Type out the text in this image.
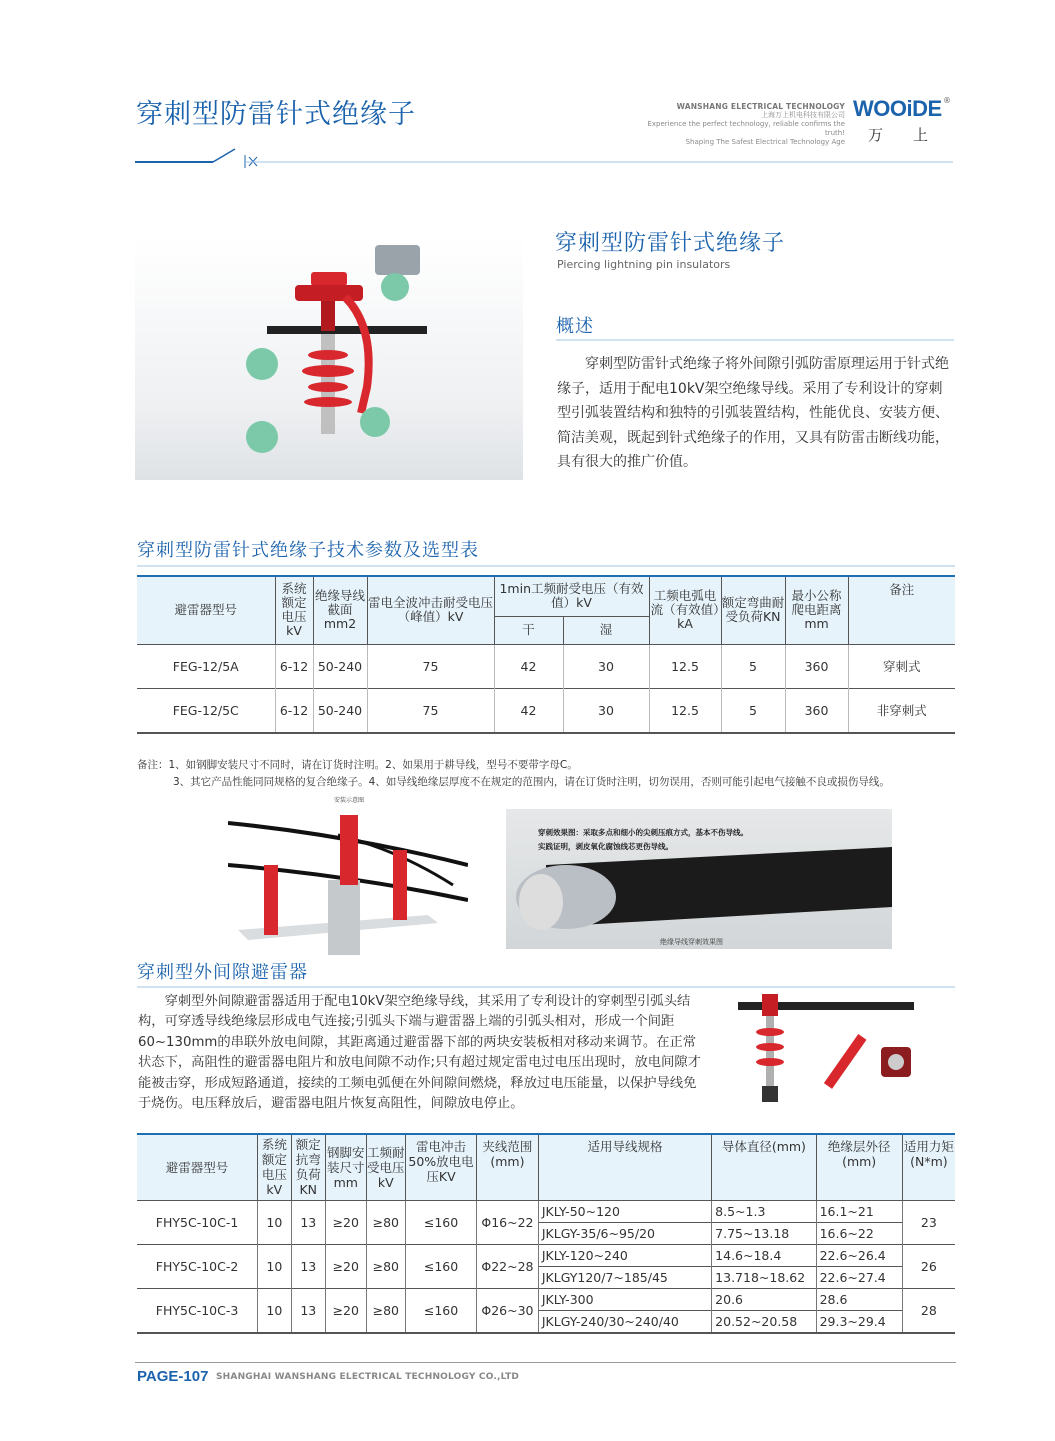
穿刺型防雷针式绝缘子	WANSHANG ELECTRICAL TECHNOLOGY
上海万上机电科技有限公司
Experience the perfect technology, reliable confirms the truth!
Shaping The Safest Electrical Technology Age
WOOiDE ®
万上
穿刺型防雷针式绝缘子
Piercing lightning pin insulators
概述
穿刺型防雷针式绝缘子将外间隙引弧防雷原理运用于针式绝缘子，适用于配电10kV架空绝缘导线。采用了专利设计的穿刺型引弧装置结构和独特的引弧装置结构，性能优良、安装方便、简洁美观，既起到针式绝缘子的作用，又具有防雷击断线功能，具有很大的推广价值。
穿刺型防雷针式绝缘子技术参数及选型表
避雷器型号	系统额定电压kV	绝缘导线截面mm2	雷电全波冲击耐受电压（峰值）kV	1min工频耐受电压（有效值）kV		工频电弧电流（有效值）kA	额定弯曲耐受负荷KN	最小公称爬电距离mm	备注
				干	湿				
FEG-12/5A	6-12	50-240	75	42	30	12.5	5	360	穿刺式
FEG-12/5C	6-12	50-240	75	42	30	12.5	5	360	非穿刺式
备注：1、如钢脚安装尺寸不同时，请在订货时注明。2、如果用于耕导线，型号不要带字母C。
3、其它产品性能同同规格的复合绝缘子。4、如导线绝缘层厚度不在规定的范围内，请在订货时注明，切勿误用，否则可能引起电气接触不良或损伤导线。
安装示意图
穿刺效果图：采取多点和细小的尖刺压痕方式，基本不伤导线。
实践证明，剥皮氧化腐蚀线芯更伤导线。
绝缘导线穿刺效果图
穿刺型外间隙避雷器
穿刺型外间隙避雷器适用于配电10kV架空绝缘导线，其采用了专利设计的穿刺型引弧头结构，可穿透导线绝缘层形成电气连接;引弧头下端与避雷器上端的引弧头相对，形成一个间距60~130mm的串联外放电间隙，其距离通过避雷器下部的两块安装板相对移动来调节。在正常状态下，高阻性的避雷器电阻片和放电间隙不动作;只有超过规定雷电过电压出现时，放电间隙才能被击穿，形成短路通道，接续的工频电弧便在外间隙间燃烧，释放过电压能量，以保护导线免于烧伤。电压释放后，避雷器电阻片恢复高阻性，间隙放电停止。
避雷器型号	系统额定电压kV	额定抗弯负荷KN	钢脚安装尺寸mm	工频耐受电压kV	雷电冲击50%放电电压KV	夹线范围(mm)	适用导线规格	导体直径(mm)	绝缘层外径(mm)	适用力矩(N*m)
FHY5C-10C-1	10	13	≥20	≥80	≤160	Φ16~22	JKLY-50~120	8.5~1.3	16.1~21	23
							JKLGY-35/6~95/20	7.75~13.18	16.6~22	
FHY5C-10C-2	10	13	≥20	≥80	≤160	Φ22~28	JKLY-120~240	14.6~18.4	22.6~26.4	26
							JKLGY120/7~185/45	13.718~18.62	22.6~27.4	
FHY5C-10C-3	10	13	≥20	≥80	≤160	Φ26~30	JKLY-300	20.6	28.6	28
							JKLGY-240/30~240/40	20.52~20.58	29.3~29.4	
PAGE-107 SHANGHAI WANSHANG ELECTRICAL TECHNOLOGY CO.,LTD
